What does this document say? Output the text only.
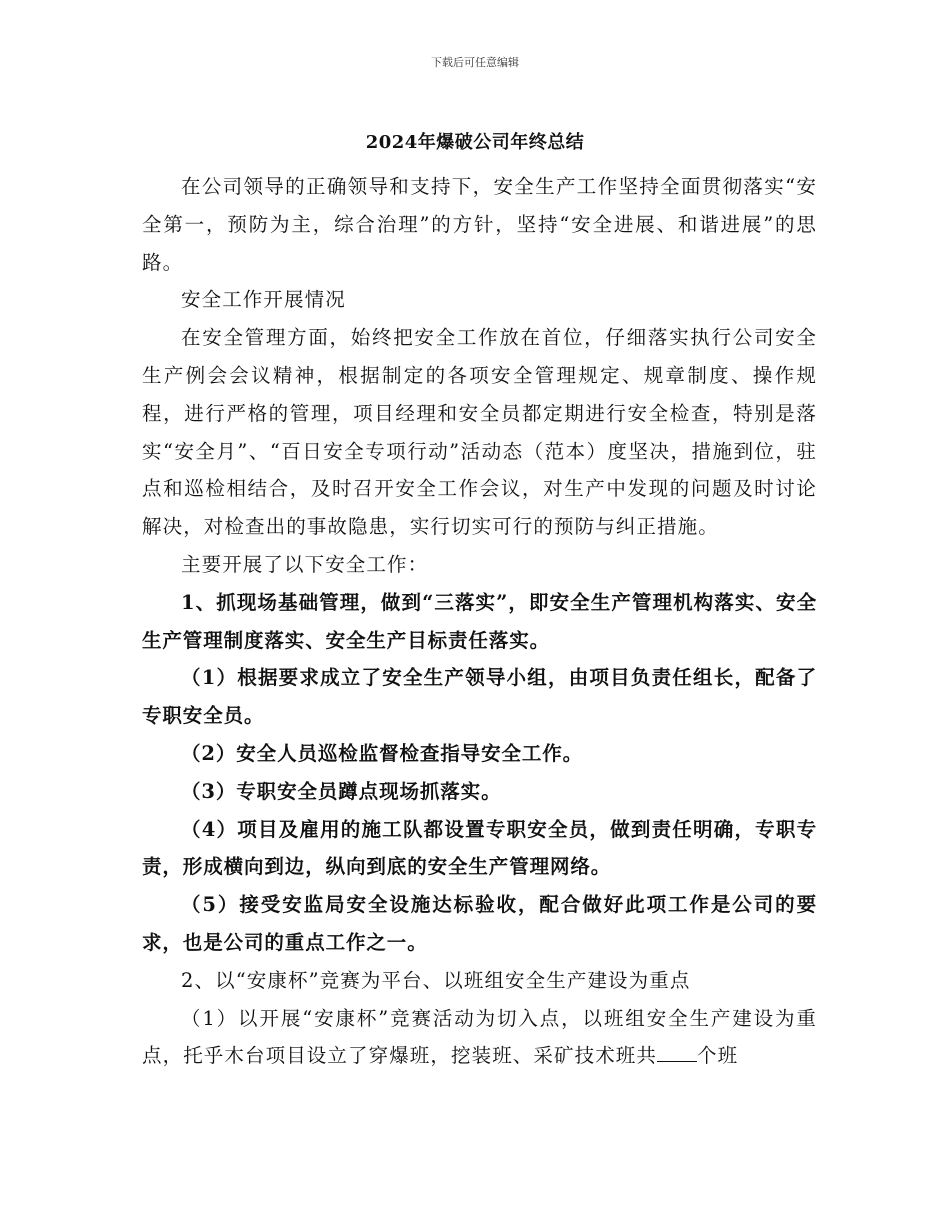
下载后可任意编辑
2024年爆破公司年终总结

在公司领导的正确领导和支持下，安全生产工作坚持全面贯彻落实“安全第一，预防为主，综合治理”的方针，坚持“安全进展、和谐进展”的思路。

安全工作开展情况

在安全管理方面，始终把安全工作放在首位，仔细落实执行公司安全生产例会会议精神，根据制定的各项安全管理规定、规章制度、操作规程，进行严格的管理，项目经理和安全员都定期进行安全检查，特别是落实“安全月”、“百日安全专项行动”活动态（范本）度坚决，措施到位，驻点和巡检相结合，及时召开安全工作会议，对生产中发现的问题及时讨论解决，对检查出的事故隐患，实行切实可行的预防与纠正措施。

主要开展了以下安全工作：

1、抓现场基础管理，做到“三落实”，即安全生产管理机构落实、安全生产管理制度落实、安全生产目标责任落实。

（1）根据要求成立了安全生产领导小组，由项目负责任组长，配备了专职安全员。

（2）安全人员巡检监督检查指导安全工作。

（3）专职安全员蹲点现场抓落实。

（4）项目及雇用的施工队都设置专职安全员，做到责任明确，专职专责，形成横向到边，纵向到底的安全生产管理网络。

（5）接受安监局安全设施达标验收，配合做好此项工作是公司的要求，也是公司的重点工作之一。

2、以“安康杯”竞赛为平台、以班组安全生产建设为重点

（1）以开展“安康杯”竞赛活动为切入点，以班组安全生产建设为重点，托乎木台项目设立了穿爆班，挖装班、采矿技术班共 个班
